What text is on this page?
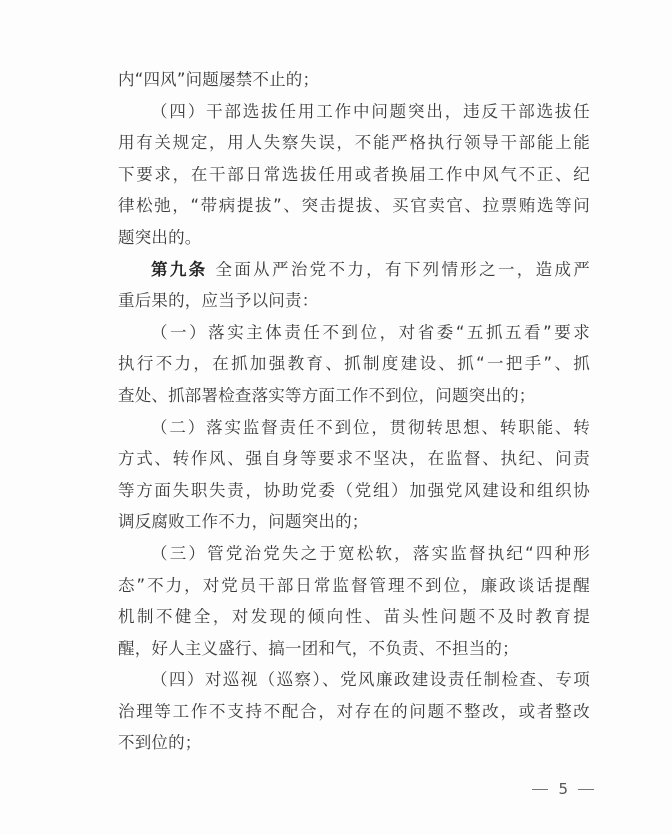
内“四风”问题屡禁不止的；
（四）干部选拔任用工作中问题突出，违反干部选拔任
用有关规定，用人失察失误，不能严格执行领导干部能上能
下要求，在干部日常选拔任用或者换届工作中风气不正、纪
律松弛，“带病提拔”、突击提拔、买官卖官、拉票贿选等问
题突出的。
第九条 全面从严治党不力，有下列情形之一，造成严
重后果的，应当予以问责：
（一）落实主体责任不到位，对省委“五抓五看”要求
执行不力，在抓加强教育、抓制度建设、抓“一把手”、抓
查处、抓部署检查落实等方面工作不到位，问题突出的；
（二）落实监督责任不到位，贯彻转思想、转职能、转
方式、转作风、强自身等要求不坚决，在监督、执纪、问责
等方面失职失责，协助党委（党组）加强党风建设和组织协
调反腐败工作不力，问题突出的；
（三）管党治党失之于宽松软，落实监督执纪“四种形
态”不力，对党员干部日常监督管理不到位，廉政谈话提醒
机制不健全，对发现的倾向性、苗头性问题不及时教育提
醒，好人主义盛行、搞一团和气，不负责、不担当的；
（四）对巡视（巡察）、党风廉政建设责任制检查、专项
治理等工作不支持不配合，对存在的问题不整改，或者整改
不到位的；
5
